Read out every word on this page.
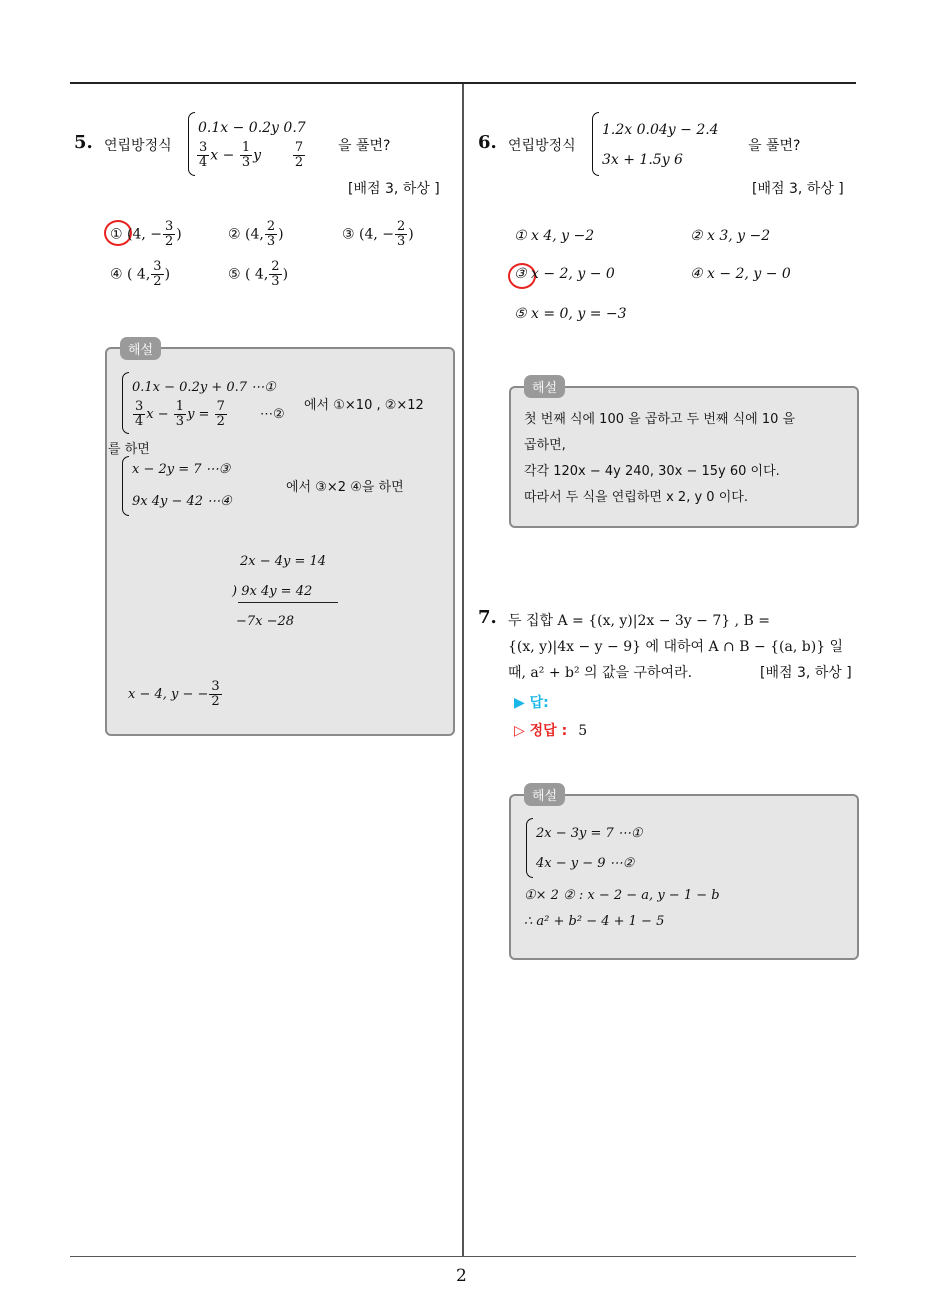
2
5. 연립방정식
0.1x − 0.2y 0.7
$\frac{3}{4}$ $x - \frac{1}{3}$ y $\frac{7}{2}$ 을 풀면?
[배점 3, 하상 ]
① (4, − $\frac{3}{2}$ )	② (4, $\frac{2}{3}$ )	③ (4, − $\frac{2}{3}$ )
④ ( 4, $\frac{3}{2}$ )	⑤ ( 4, $\frac{2}{3}$ )
해설
0.1x − 0.2y + 0.7 ⋯①
$\frac{3}{4}$ $x - \frac{1}{3}$ $y = \frac{7}{2}$	⋯②
에서 ①×10 , ②×12
를 하면
x − 2y = 7 ⋯③
9x 4y − 42 ⋯④
에서 ③×2 ④을 하면
2x − 4y = 14
) 9x 4y = 42
−7x −28
x − 4, y − − $\frac{3}{2}$
6. 연립방정식
1.2x 0.04y − 2.4
3x + 1.5y 6
을 풀면?
[배점 3, 하상 ]
① x 4, y −2	② x 3, y −2
③ x − 2, y − 0	④ x − 2, y − 0
⑤ x = 0, y = −3
해설
첫 번째 식에 100 을 곱하고 두 번째 식에 10 을
곱하면,
각각 120x − 4y 240, 30x − 15y 60 이다.
따라서 두 식을 연립하면 x 2, y 0 이다.
7. 두 집합 A = {(x, y)|2x − 3y − 7} , B =
{(x, y)|4x − y − 9} 에 대하여 A ∩ B − {(a, b)} 일
때, a² + b² 의 값을 구하여라.	[배점 3, 하상 ]
▶ 답:
▷ 정답 : 5
해설
2x − 3y = 7 ⋯①
4x − y − 9 ⋯②
①× 2 ② : x − 2 − a, y − 1 − b
∴ a² + b² − 4 + 1 − 5
